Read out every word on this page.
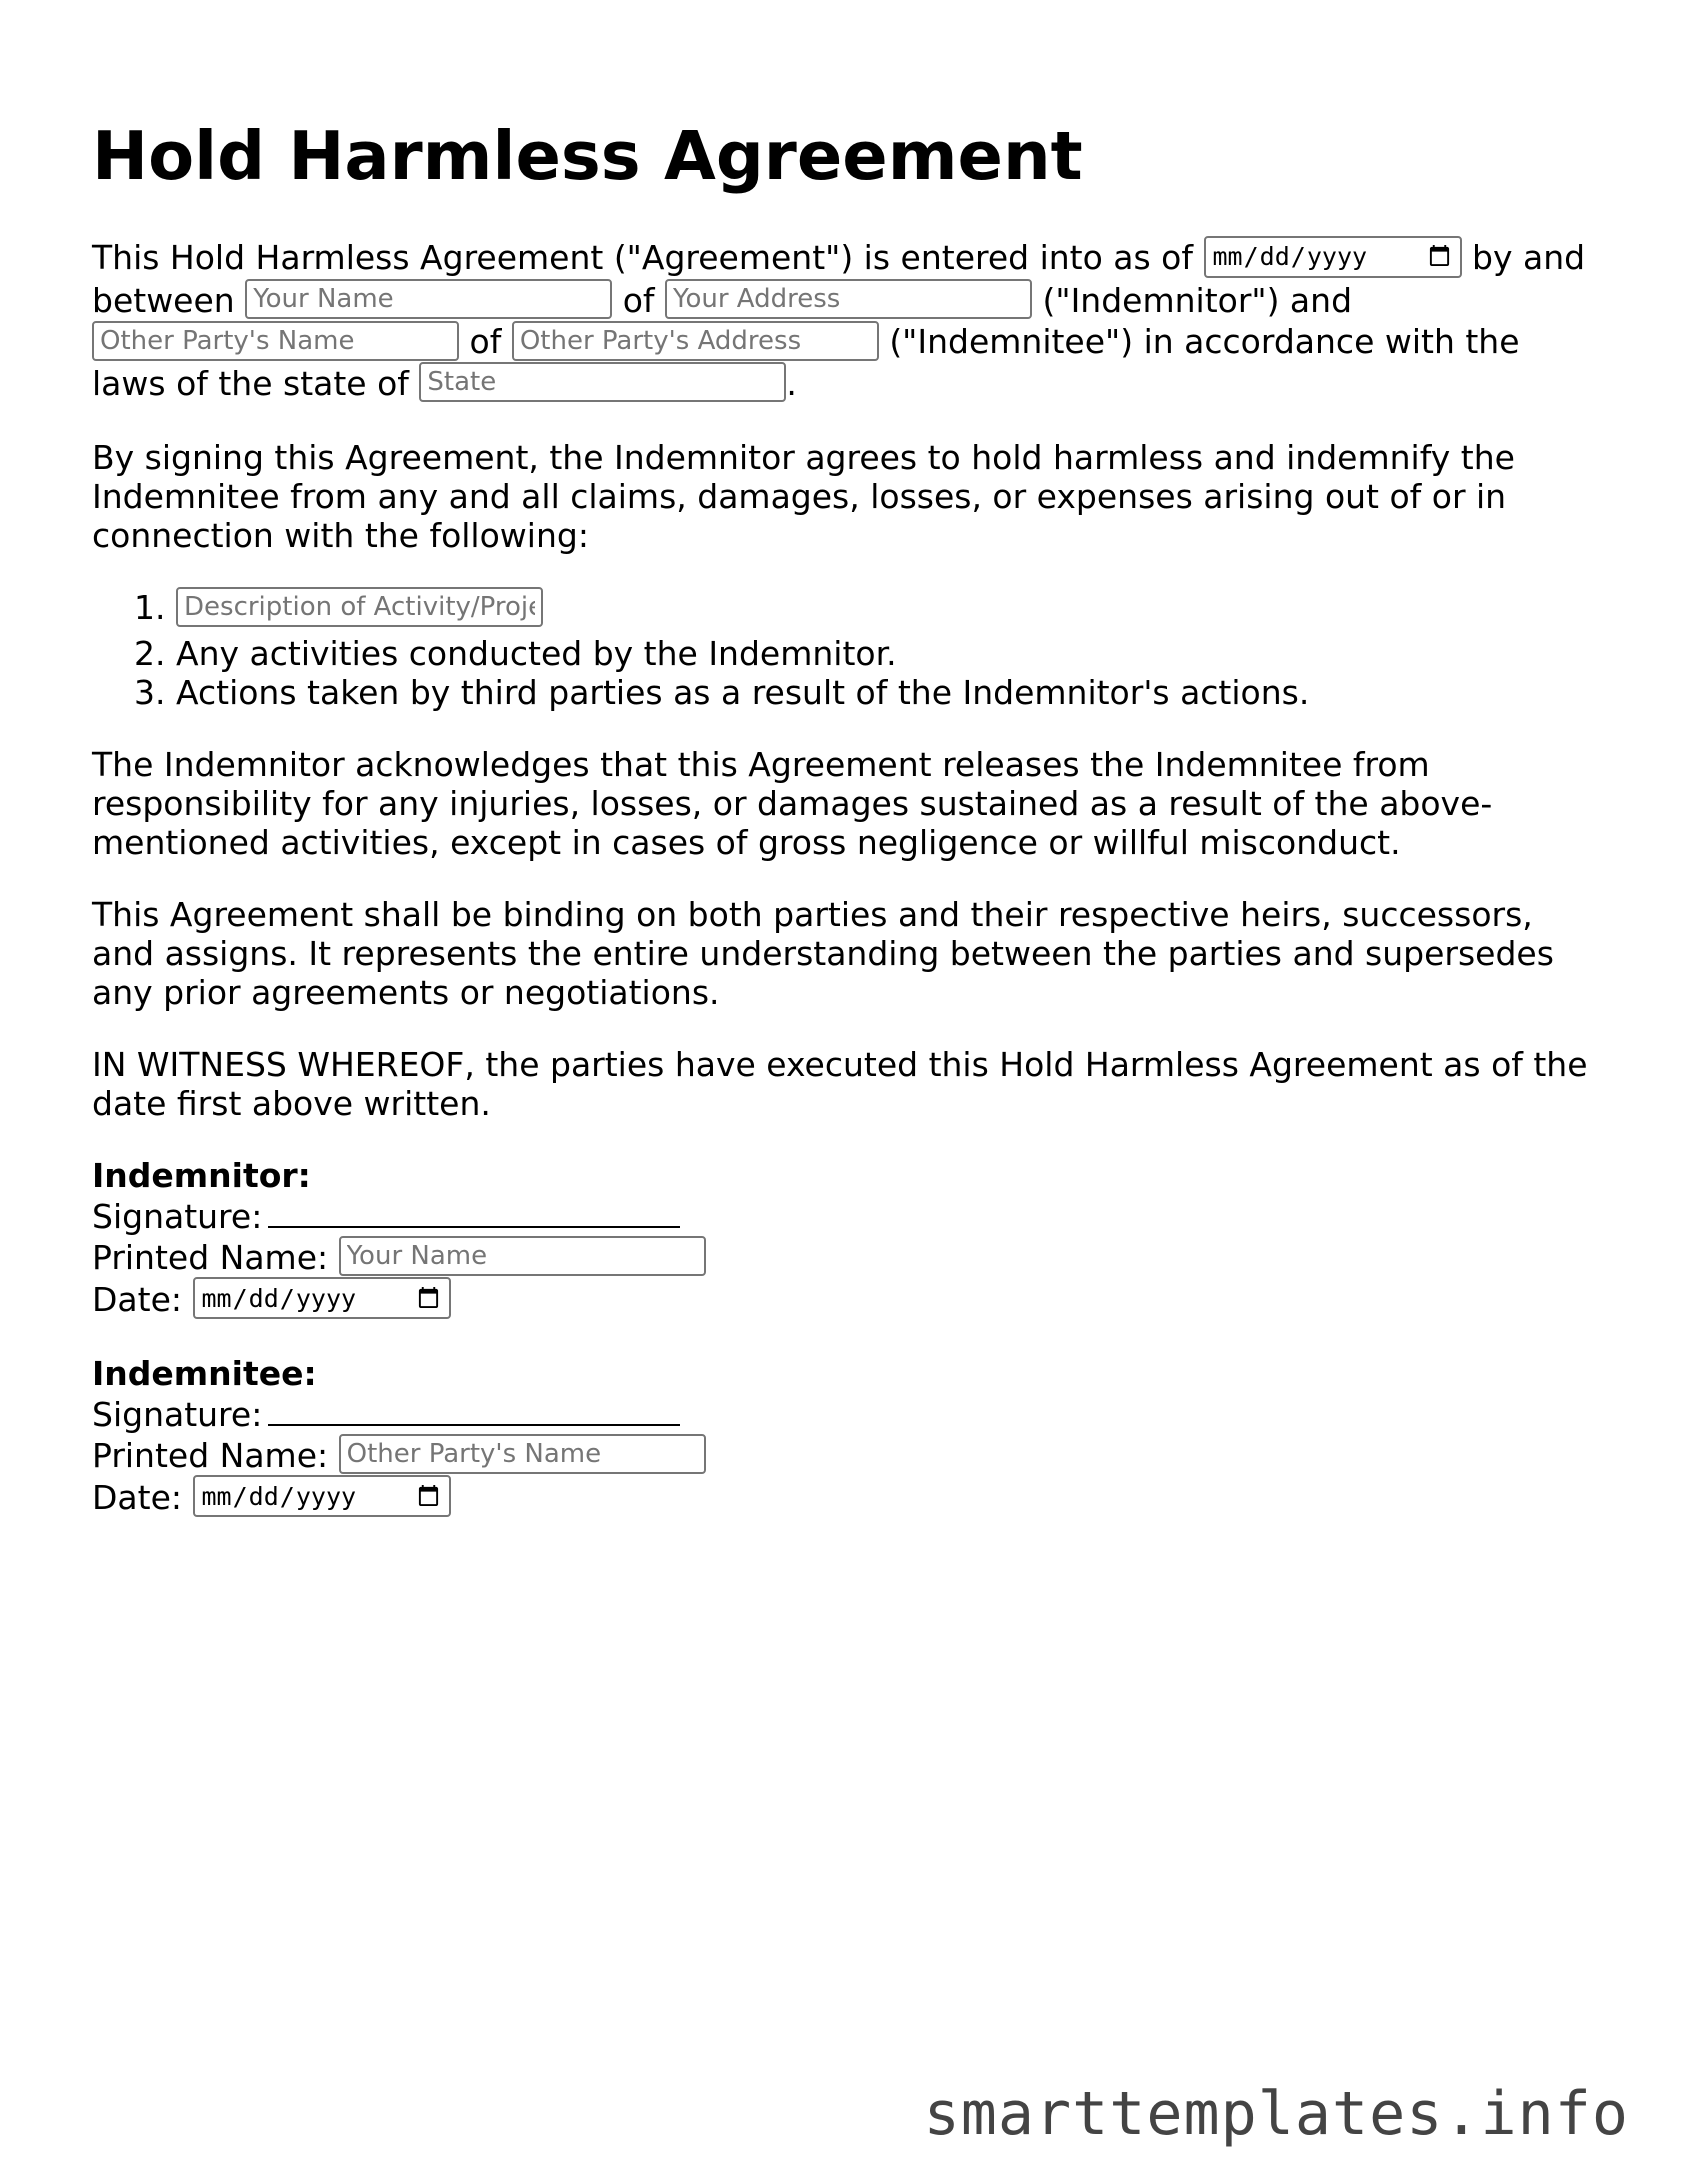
Hold Harmless Agreement

This Hold Harmless Agreement ("Agreement") is entered into as of	by and between Your Name	of Your Address	("Indemnitor") and Other Party's Name of Other Party's Address	("Indemnitee") in accordance with the laws of the state of State	.

By signing this Agreement, the Indemnitor agrees to hold harmless and indemnify the Indemnitee from any and all claims, damages, losses, or expenses arising out of or in connection with the following:

1. Description of Activity/Project
2. Any activities conducted by the Indemnitor.
3. Actions taken by third parties as a result of the Indemnitor's actions.

The Indemnitor acknowledges that this Agreement releases the Indemnitee from responsibility for any injuries, losses, or damages sustained as a result of the above-mentioned activities, except in cases of gross negligence or willful misconduct.

This Agreement shall be binding on both parties and their respective heirs, successors, and assigns. It represents the entire understanding between the parties and supersedes any prior agreements or negotiations.

IN WITNESS WHEREOF, the parties have executed this Hold Harmless Agreement as of the date first above written.

Indemnitor:
Signature:
Printed Name: Your Name
Date:
Indemnitee:
Signature:
Printed Name: Other Party's Name
Date:
smarttemplates.info
